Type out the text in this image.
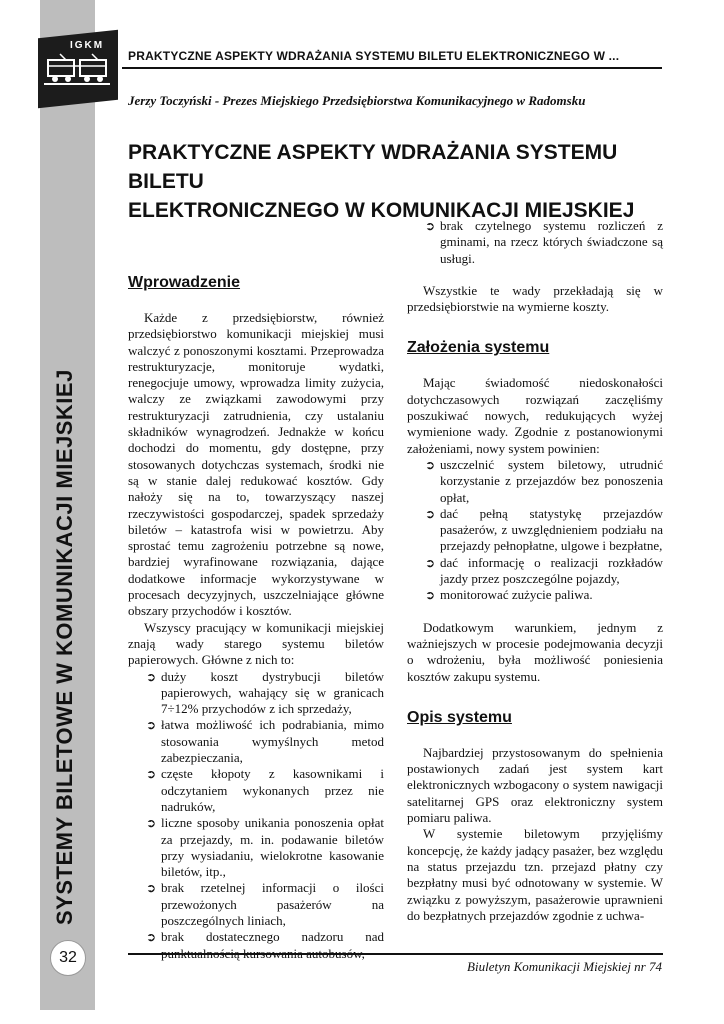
IGKM
SYSTEMY BILETOWE W KOMUNIKACJI MIEJSKIEJ
32
PRAKTYCZNE ASPEKTY WDRAŻANIA SYSTEMU BILETU ELEKTRONICZNEGO W ...
Jerzy Toczyński - Prezes Miejskiego Przedsiębiorstwa Komunikacyjnego w Radomsku
PRAKTYCZNE ASPEKTY WDRAŻANIA SYSTEMU BILETU
ELEKTRONICZNEGO W KOMUNIKACJI MIEJSKIEJ
Wprowadzenie

Każde z przedsiębiorstw, również przedsiębiorstwo komunikacji miejskiej musi walczyć z ponoszonymi kosztami. Przeprowadza restrukturyzacje, monitoruje wydatki, renegocjuje umowy, wprowadza limity zużycia, walczy ze związkami zawodowymi przy restrukturyzacji zatrudnienia, czy ustalaniu składników wynagrodzeń. Jednakże w końcu dochodzi do momentu, gdy dostępne, przy stosowanych dotychczas systemach, środki nie są w stanie dalej redukować kosztów. Gdy nałoży się na to, towarzyszący naszej rzeczywistości gospodarczej, spadek sprzedaży biletów – katastrofa wisi w powietrzu. Aby sprostać temu zagrożeniu potrzebne są nowe, bardziej wyrafinowane rozwiązania, dające dodatkowe informacje wykorzystywane w procesach decyzyjnych, uszczelniające główne obszary przychodów i kosztów.

Wszyscy pracujący w komunikacji miejskiej znają wady starego systemu biletów papierowych. Główne z nich to:

➲ duży koszt dystrybucji biletów papierowych, wahający się w granicach 7÷12% przychodów z ich sprzedaży,
➲ łatwa możliwość ich podrabiania, mimo stosowania wymyślnych metod zabezpieczania,
➲ częste kłopoty z kasownikami i odczytaniem wykonanych przez nie nadruków,
➲ liczne sposoby unikania ponoszenia opłat za przejazdy, m. in. podawanie biletów przy wysiadaniu, wielokrotne kasowanie biletów, itp.,
➲ brak rzetelnej informacji o ilości przewożonych pasażerów na poszczególnych liniach,
➲ brak dostatecznego nadzoru nad
➲ brak czytelnego systemu rozliczeń z gminami, na rzecz których świadczone są usługi.

Wszystkie te wady przekładają się w przedsiębiorstwie na wymierne koszty.

Założenia systemu

Mając świadomość niedoskonałości dotychczasowych rozwiązań zaczęliśmy poszukiwać nowych, redukujących wyżej wymienione wady. Zgodnie z postanowionymi założeniami, nowy system powinien:

➲ uszczelnić system biletowy, utrudnić korzystanie z przejazdów bez ponoszenia opłat,
➲ dać pełną statystykę przejazdów pasażerów, z uwzględnieniem podziału na przejazdy pełnopłatne, ulgowe i bezpłatne,
➲ dać informację o realizacji rozkładów jazdy przez poszczególne pojazdy,
➲ monitorować zużycie paliwa.

Dodatkowym warunkiem, jednym z ważniejszych w procesie podejmowania decyzji o wdrożeniu, była możliwość poniesienia kosztów zakupu systemu.

Opis systemu

Najbardziej przystosowanym do spełnienia postawionych zadań jest system kart elektronicznych wzbogacony o system nawigacji satelitarnej GPS oraz elektroniczny system pomiaru paliwa.

W systemie biletowym przyjęliśmy koncepcję, że każdy jadący pasażer, bez względu na status przejazdu tzn. przejazd płatny czy bezpłatny musi być odnotowany w systemie. W związku z powyższym, pasażerowie uprawnieni do bezpłatnych przejazdów zgodnie z uchwa-

Biuletyn Komunikacji Miejskiej nr 74
